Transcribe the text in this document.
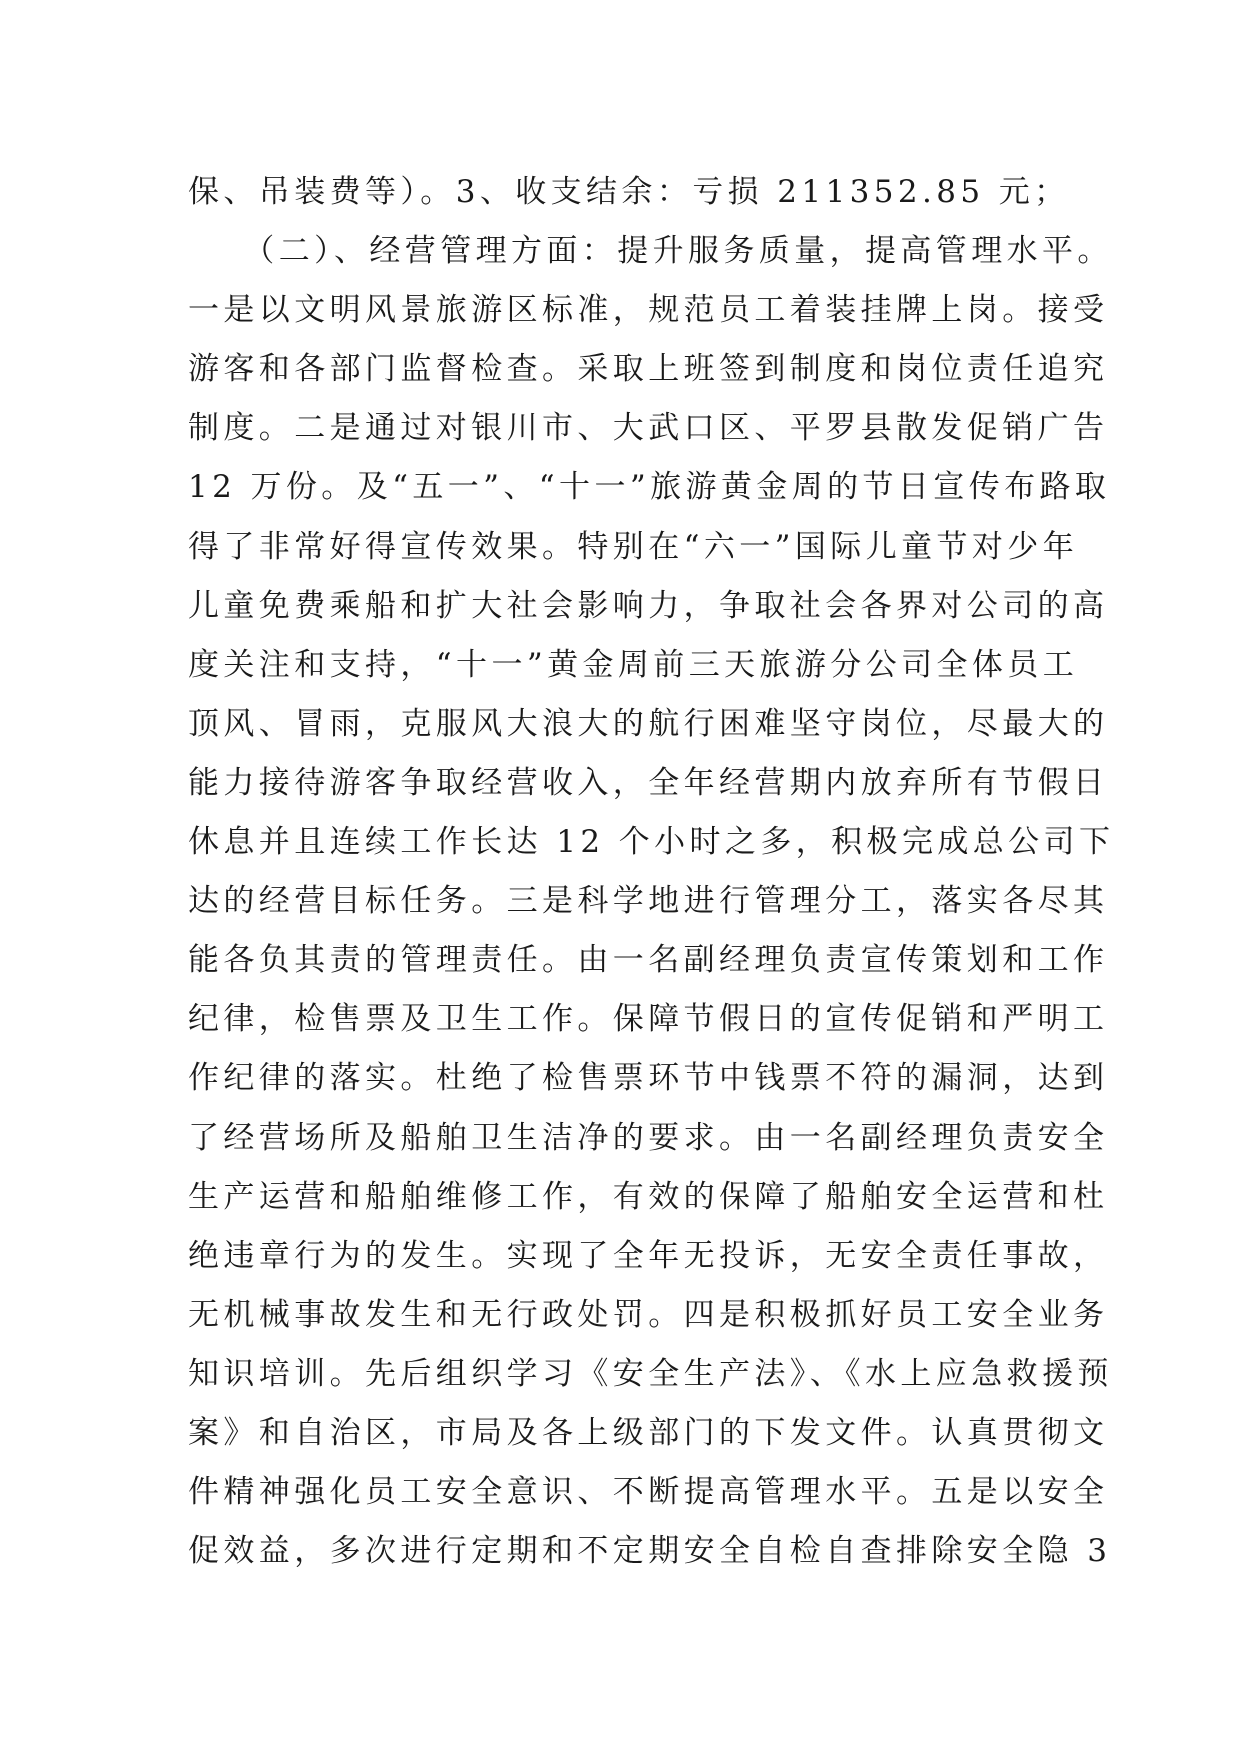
保、吊装费等）。3、收支结余：亏损 211352.85 元；
　　（二）、经营管理方面：提升服务质量，提高管理水平。
一是以文明风景旅游区标准，规范员工着装挂牌上岗。接受
游客和各部门监督检查。采取上班签到制度和岗位责任追究
制度。二是通过对银川市、大武口区、平罗县散发促销广告
12 万份。及“五一”、“十一”旅游黄金周的节日宣传布路取
得了非常好得宣传效果。特别在“六一”国际儿童节对少年
儿童免费乘船和扩大社会影响力，争取社会各界对公司的高
度关注和支持，“十一”黄金周前三天旅游分公司全体员工
顶风、冒雨，克服风大浪大的航行困难坚守岗位，尽最大的
能力接待游客争取经营收入，全年经营期内放弃所有节假日
休息并且连续工作长达 12 个小时之多，积极完成总公司下
达的经营目标任务。三是科学地进行管理分工，落实各尽其
能各负其责的管理责任。由一名副经理负责宣传策划和工作
纪律，检售票及卫生工作。保障节假日的宣传促销和严明工
作纪律的落实。杜绝了检售票环节中钱票不符的漏洞，达到
了经营场所及船舶卫生洁净的要求。由一名副经理负责安全
生产运营和船舶维修工作，有效的保障了船舶安全运营和杜
绝违章行为的发生。实现了全年无投诉，无安全责任事故，
无机械事故发生和无行政处罚。四是积极抓好员工安全业务
知识培训。先后组织学习《安全生产法》、《水上应急救援预
案》和自治区，市局及各上级部门的下发文件。认真贯彻文
件精神强化员工安全意识、不断提高管理水平。五是以安全
促效益，多次进行定期和不定期安全自检自查排除安全隐 3
